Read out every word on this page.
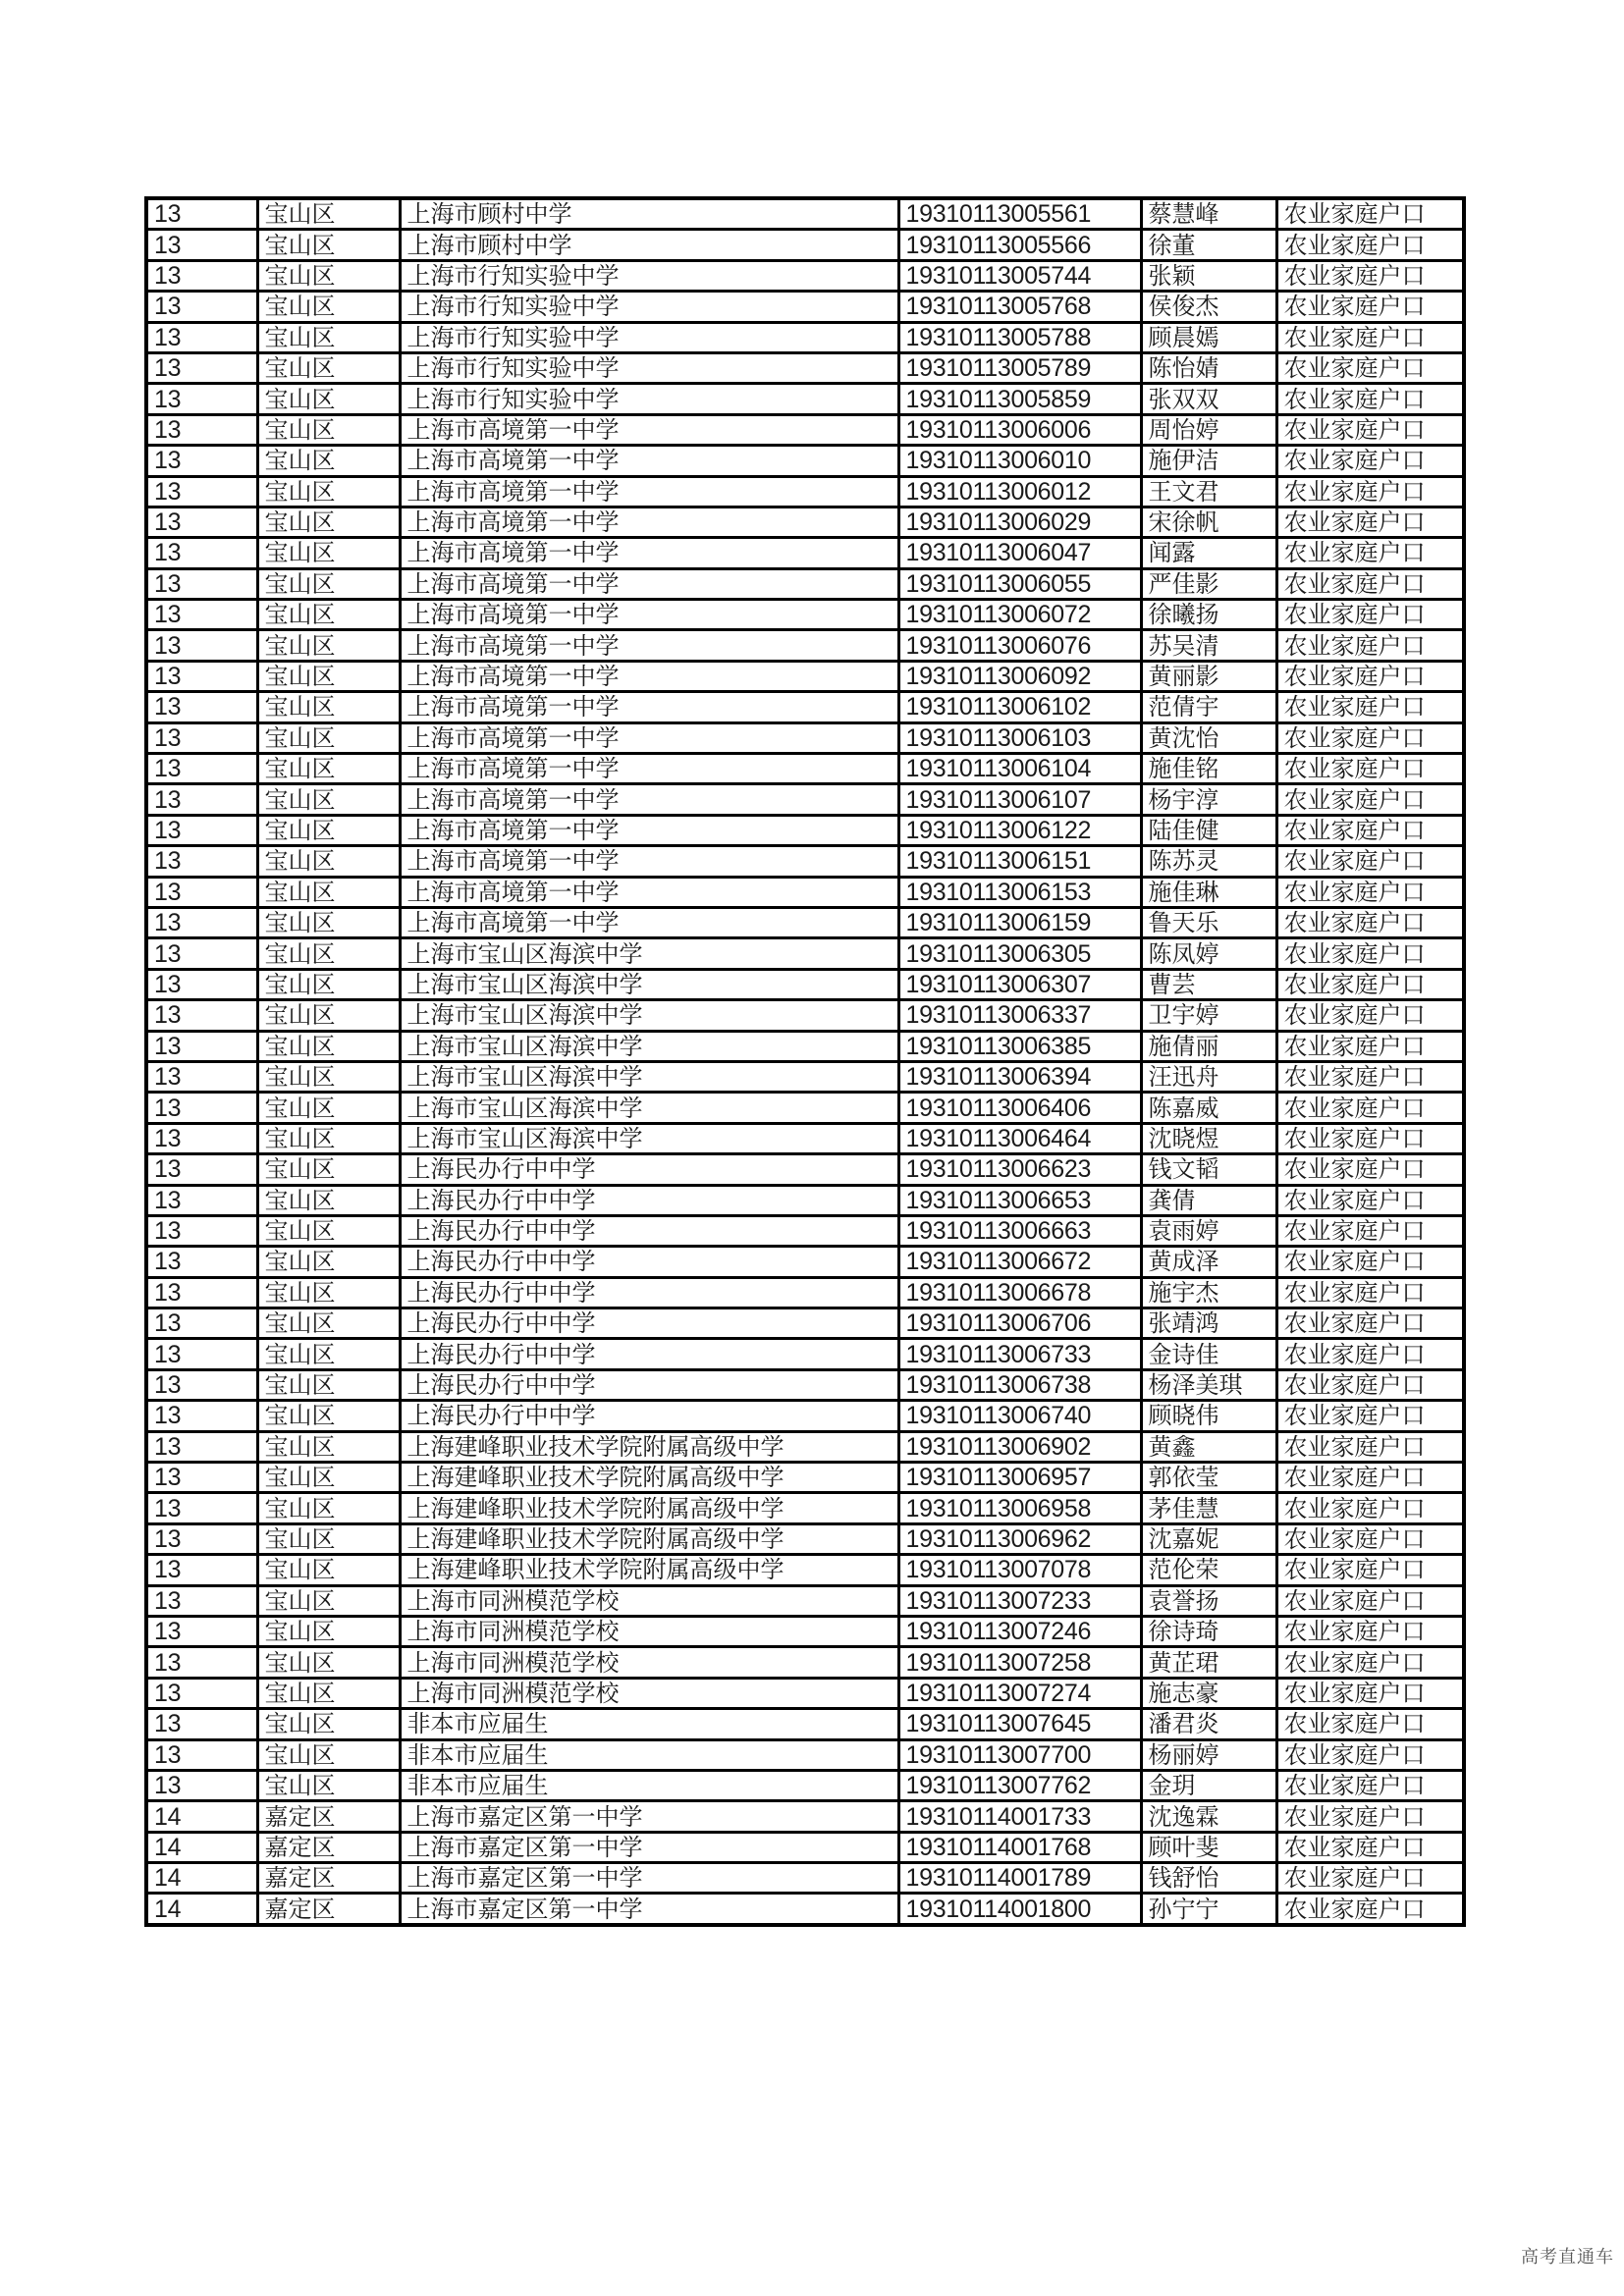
13	宝山区	上海市顾村中学	19310113005561	蔡慧峰	农业家庭户口
13	宝山区	上海市顾村中学	19310113005566	徐董	农业家庭户口
13	宝山区	上海市行知实验中学	19310113005744	张颖	农业家庭户口
13	宝山区	上海市行知实验中学	19310113005768	侯俊杰	农业家庭户口
13	宝山区	上海市行知实验中学	19310113005788	顾晨嫣	农业家庭户口
13	宝山区	上海市行知实验中学	19310113005789	陈怡婧	农业家庭户口
13	宝山区	上海市行知实验中学	19310113005859	张双双	农业家庭户口
13	宝山区	上海市高境第一中学	19310113006006	周怡婷	农业家庭户口
13	宝山区	上海市高境第一中学	19310113006010	施伊洁	农业家庭户口
13	宝山区	上海市高境第一中学	19310113006012	王文君	农业家庭户口
13	宝山区	上海市高境第一中学	19310113006029	宋徐帆	农业家庭户口
13	宝山区	上海市高境第一中学	19310113006047	闻露	农业家庭户口
13	宝山区	上海市高境第一中学	19310113006055	严佳影	农业家庭户口
13	宝山区	上海市高境第一中学	19310113006072	徐曦扬	农业家庭户口
13	宝山区	上海市高境第一中学	19310113006076	苏吴清	农业家庭户口
13	宝山区	上海市高境第一中学	19310113006092	黄丽影	农业家庭户口
13	宝山区	上海市高境第一中学	19310113006102	范倩宇	农业家庭户口
13	宝山区	上海市高境第一中学	19310113006103	黄沈怡	农业家庭户口
13	宝山区	上海市高境第一中学	19310113006104	施佳铭	农业家庭户口
13	宝山区	上海市高境第一中学	19310113006107	杨宇淳	农业家庭户口
13	宝山区	上海市高境第一中学	19310113006122	陆佳健	农业家庭户口
13	宝山区	上海市高境第一中学	19310113006151	陈苏灵	农业家庭户口
13	宝山区	上海市高境第一中学	19310113006153	施佳琳	农业家庭户口
13	宝山区	上海市高境第一中学	19310113006159	鲁天乐	农业家庭户口
13	宝山区	上海市宝山区海滨中学	19310113006305	陈凤婷	农业家庭户口
13	宝山区	上海市宝山区海滨中学	19310113006307	曹芸	农业家庭户口
13	宝山区	上海市宝山区海滨中学	19310113006337	卫宇婷	农业家庭户口
13	宝山区	上海市宝山区海滨中学	19310113006385	施倩丽	农业家庭户口
13	宝山区	上海市宝山区海滨中学	19310113006394	汪迅舟	农业家庭户口
13	宝山区	上海市宝山区海滨中学	19310113006406	陈嘉威	农业家庭户口
13	宝山区	上海市宝山区海滨中学	19310113006464	沈晓煜	农业家庭户口
13	宝山区	上海民办行中中学	19310113006623	钱文韬	农业家庭户口
13	宝山区	上海民办行中中学	19310113006653	龚倩	农业家庭户口
13	宝山区	上海民办行中中学	19310113006663	袁雨婷	农业家庭户口
13	宝山区	上海民办行中中学	19310113006672	黄成泽	农业家庭户口
13	宝山区	上海民办行中中学	19310113006678	施宇杰	农业家庭户口
13	宝山区	上海民办行中中学	19310113006706	张靖鸿	农业家庭户口
13	宝山区	上海民办行中中学	19310113006733	金诗佳	农业家庭户口
13	宝山区	上海民办行中中学	19310113006738	杨泽美琪	农业家庭户口
13	宝山区	上海民办行中中学	19310113006740	顾晓伟	农业家庭户口
13	宝山区	上海建峰职业技术学院附属高级中学	19310113006902	黄鑫	农业家庭户口
13	宝山区	上海建峰职业技术学院附属高级中学	19310113006957	郭依莹	农业家庭户口
13	宝山区	上海建峰职业技术学院附属高级中学	19310113006958	茅佳慧	农业家庭户口
13	宝山区	上海建峰职业技术学院附属高级中学	19310113006962	沈嘉妮	农业家庭户口
13	宝山区	上海建峰职业技术学院附属高级中学	19310113007078	范伦荣	农业家庭户口
13	宝山区	上海市同洲模范学校	19310113007233	袁誉扬	农业家庭户口
13	宝山区	上海市同洲模范学校	19310113007246	徐诗琦	农业家庭户口
13	宝山区	上海市同洲模范学校	19310113007258	黄芷珺	农业家庭户口
13	宝山区	上海市同洲模范学校	19310113007274	施志豪	农业家庭户口
13	宝山区	非本市应届生	19310113007645	潘君炎	农业家庭户口
13	宝山区	非本市应届生	19310113007700	杨丽婷	农业家庭户口
13	宝山区	非本市应届生	19310113007762	金玥	农业家庭户口
14	嘉定区	上海市嘉定区第一中学	19310114001733	沈逸霖	农业家庭户口
14	嘉定区	上海市嘉定区第一中学	19310114001768	顾叶斐	农业家庭户口
14	嘉定区	上海市嘉定区第一中学	19310114001789	钱舒怡	农业家庭户口
14	嘉定区	上海市嘉定区第一中学	19310114001800	孙宁宁	农业家庭户口
高考直通车
